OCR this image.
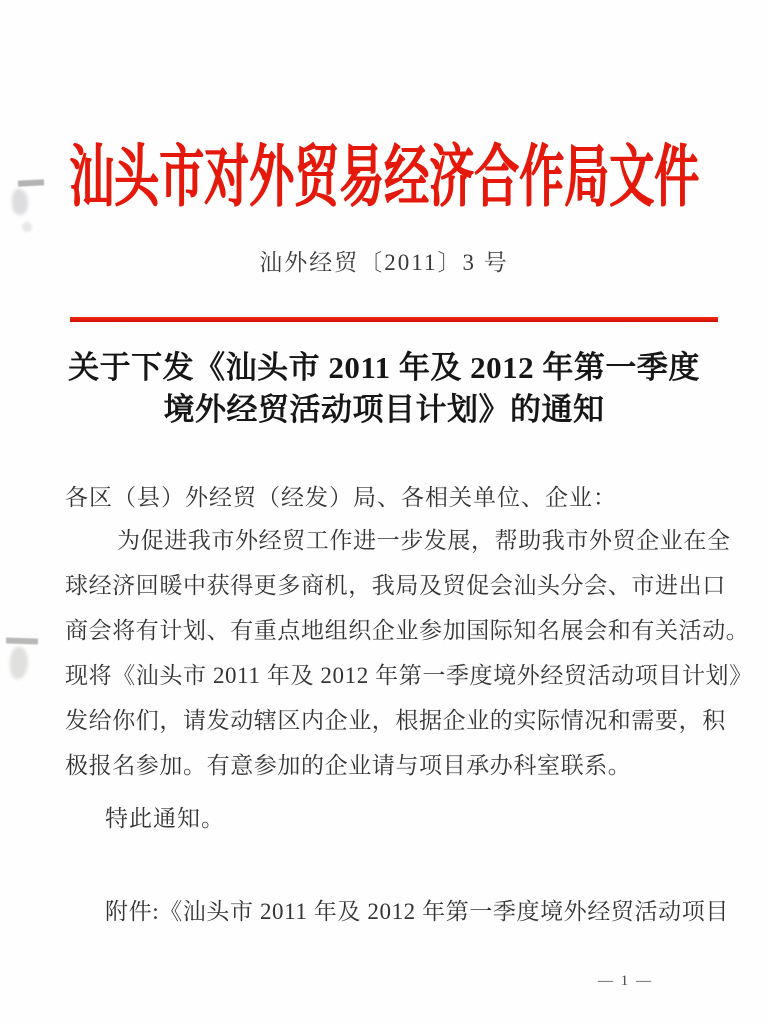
汕头市对外贸易经济合作局文件
汕外经贸〔2011〕3 号
关于下发《汕头市 2011 年及 2012 年第一季度
境外经贸活动项目计划》的通知
各区（县）外经贸（经发）局、各相关单位、企业：
为促进我市外经贸工作进一步发展，帮助我市外贸企业在全
球经济回暖中获得更多商机，我局及贸促会汕头分会、市进出口
商会将有计划、有重点地组织企业参加国际知名展会和有关活动。
现将《汕头市 2011 年及 2012 年第一季度境外经贸活动项目计划》
发给你们，请发动辖区内企业，根据企业的实际情况和需要，积
极报名参加。有意参加的企业请与项目承办科室联系。
特此通知。
附件:《汕头市 2011 年及 2012 年第一季度境外经贸活动项目
— 1 —
